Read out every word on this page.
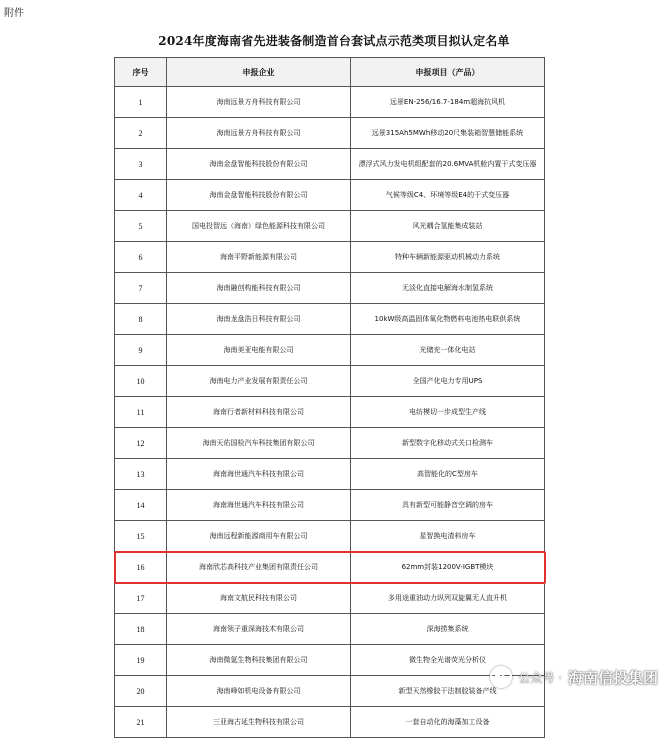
附件
2024年度海南省先进装备制造首台套试点示范类项目拟认定名单
序号	申报企业	申报项目（产品）
1	海南远景方舟科技有限公司	远景EN-256/16.7-184m超海抗风机
2	海南远景方舟科技有限公司	远景315Ah5MWh移动20尺集装箱智慧储能系统
3	海南金盘智能科技股份有限公司	漂浮式风力发电机组配套的20.6MVA机舱内置干式变压器
4	海南金盘智能科技股份有限公司	气候等级C4、环境等级E4的干式变压器
5	国电投智远（海南）绿色能源科技有限公司	风光耦合氢能集成装站
6	海南平野新能源有限公司	特种车辆新能源驱动机械动力系统
7	海南融创构能科技有限公司	无淡化直接电解海水制氢系统
8	海南龙盘浩日科技有限公司	10kW级高温固体氧化物燃料电池热电联供系统
9	海南美亚电能有限公司	光储充一体化电站
10	海南电力产业发展有限责任公司	全国产化电力专用UPS
11	海南行者新材料科技有限公司	电纺模切一步成型生产线
12	海南天佑国检汽车科技集团有限公司	新型数字化移动式关口检测车
13	海南海世通汽车科技有限公司	高智能化的C型房车
14	海南海世通汽车科技有限公司	具有新型可能静音空调的房车
15	海南远程新能源商用车有限公司	星智换电渣料房车
16	海南欣芯高科技产业集团有限责任公司	62mm封装1200V-IGBT模块
17	海南文航民科技有限公司	多用途重油动力纵列双旋翼无人直升机
18	海南领子重深海技术有限公司	深海捞集系统
19	海南微氪生物科技集团有限公司	微生物全光谱荧光分析仪
20	海南峰如机电设备有限公司	新型天然橡胶干法制胶装备产线
21	三亚海古延生物科技有限公司	一套自动化的海藻加工设备
公众号 · 海南信投集团
